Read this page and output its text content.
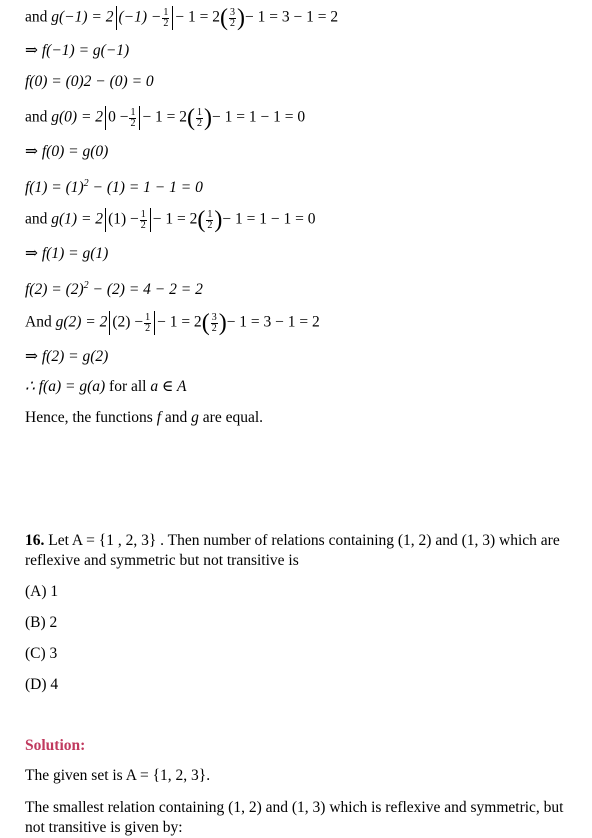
and g(−1) = 2 $(-1) - \frac{1}{2} - 1 = 2( \frac{3}{2}$ )− 1 = 3 − 1 = 2
⇒ f(−1) = g(−1)
f(0) = (0)2 − (0) = 0
and g(0) = 2 $0 - \frac{1}{2} - 1 = 2( \frac{1}{2}$ )− 1 = 1 − 1 = 0
⇒ f(0) = g(0)
$f(1) = (1)^2 - (1) = 1 - 1 = 0$
and g(1) = 2 $(1) - \frac{1}{2} - 1 = 2( \frac{1}{2}$ )− 1 = 1 − 1 = 0
⇒ f(1) = g(1)
$f(2) = (2)^2 - (2) = 4 - 2 = 2$
And g(2) = 2 $(2) - \frac{1}{2} - 1 = 2( \frac{3}{2}$ )− 1 = 3 − 1 = 2
⇒ f(2) = g(2)
∴ f(a) = g(a) for all a ∈ A
Hence, the functions f and g are equal.
16. Let A = {1 , 2, 3} . Then number of relations containing (1, 2) and (1, 3) which are
reflexive and symmetric but not transitive is
(A) 1
(B) 2
(C) 3
(D) 4
Solution:
The given set is A = {1, 2, 3}.
The smallest relation containing (1, 2) and (1, 3) which is reflexive and symmetric, but
not transitive is given by:
